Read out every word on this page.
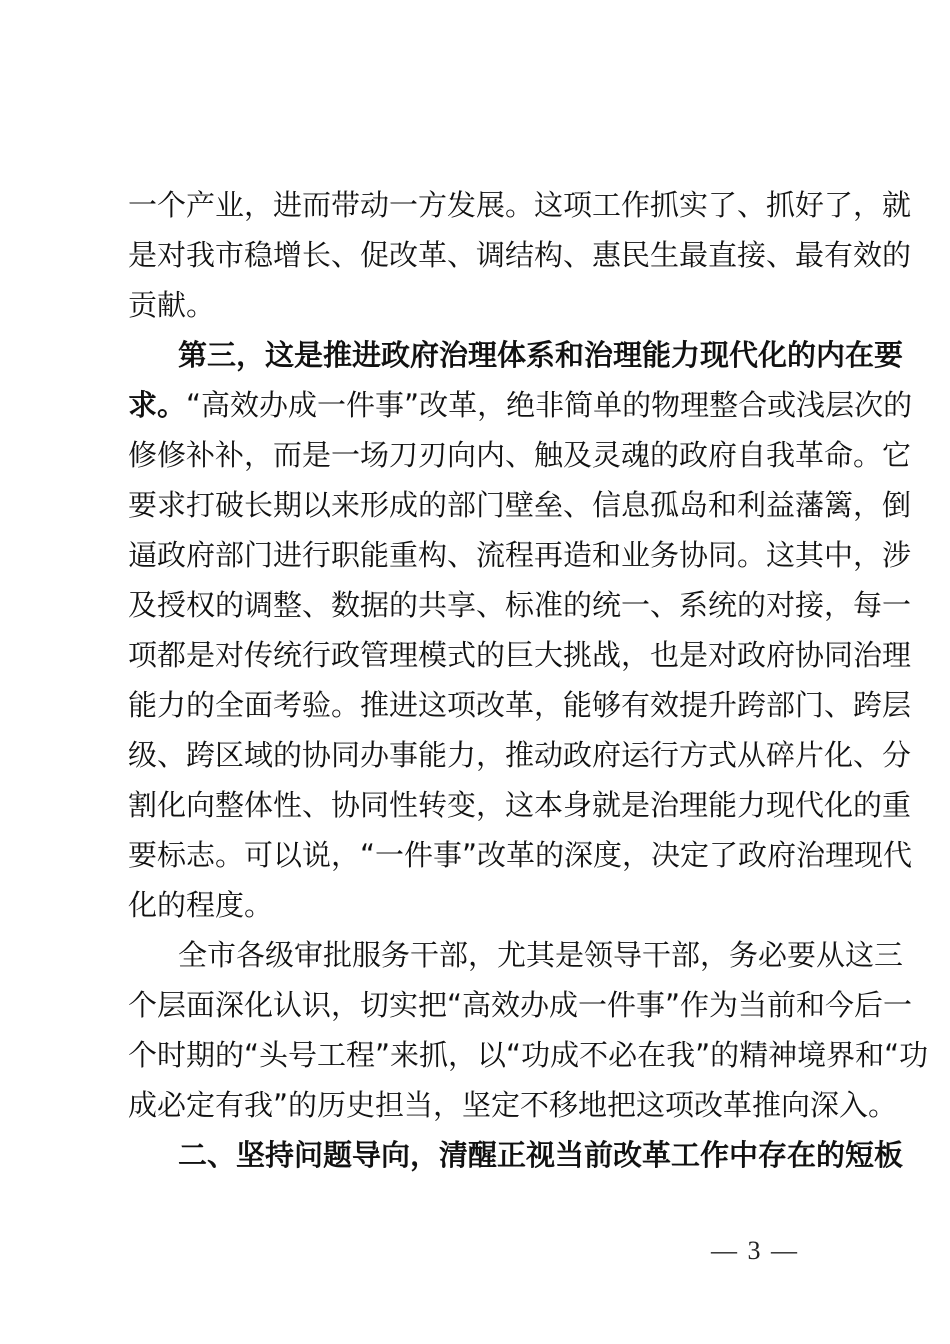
一个产业，进而带动一方发展。这项工作抓实了、抓好了，就
是对我市稳增长、促改革、调结构、惠民生最直接、最有效的
贡献。
第三，这是推进政府治理体系和治理能力现代化的内在要
求。“高效办成一件事”改革，绝非简单的物理整合或浅层次的
修修补补，而是一场刀刃向内、触及灵魂的政府自我革命。它
要求打破长期以来形成的部门壁垒、信息孤岛和利益藩篱，倒
逼政府部门进行职能重构、流程再造和业务协同。这其中，涉
及授权的调整、数据的共享、标准的统一、系统的对接，每一
项都是对传统行政管理模式的巨大挑战，也是对政府协同治理
能力的全面考验。推进这项改革，能够有效提升跨部门、跨层
级、跨区域的协同办事能力，推动政府运行方式从碎片化、分
割化向整体性、协同性转变，这本身就是治理能力现代化的重
要标志。可以说，“一件事”改革的深度，决定了政府治理现代
化的程度。
全市各级审批服务干部，尤其是领导干部，务必要从这三
个层面深化认识，切实把“高效办成一件事”作为当前和今后一
个时期的“头号工程”来抓，以“功成不必在我”的精神境界和“功
成必定有我”的历史担当，坚定不移地把这项改革推向深入。
二、坚持问题导向，清醒正视当前改革工作中存在的短板
— 3 —
